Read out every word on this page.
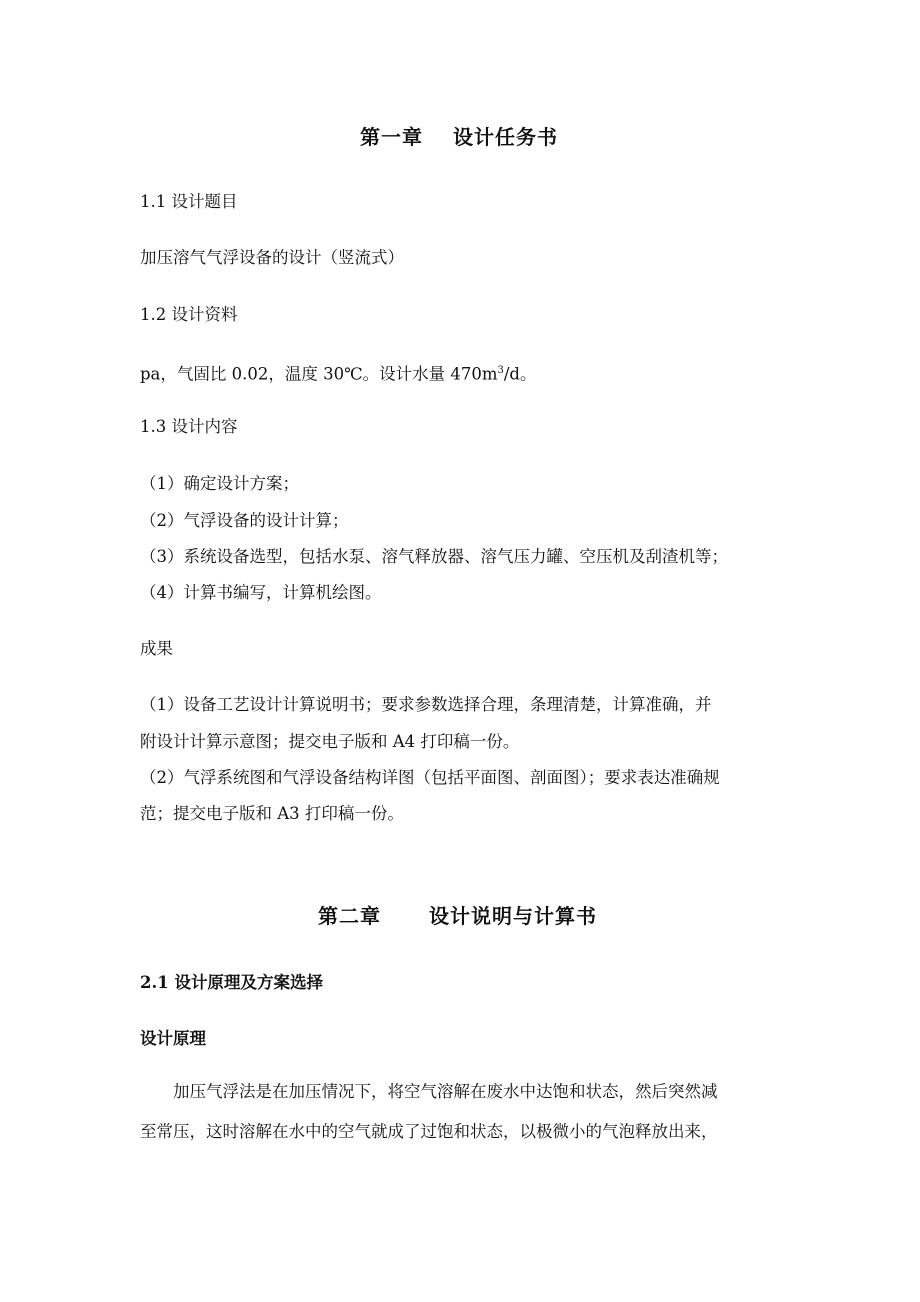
第一章 设计任务书
1.1 设计题目
加压溶气气浮设备的设计（竖流式）
1.2 设计资料
pa，气固比 0.02，温度 30℃。设计水量 $470m^3/d$。
1.3 设计内容
（1）确定设计方案；
（2）气浮设备的设计计算；
（3）系统设备选型，包括水泵、溶气释放器、溶气压力罐、空压机及刮渣机等；
（4）计算书编写，计算机绘图。
成果
（1）设备工艺设计计算说明书；要求参数选择合理，条理清楚，计算准确，并
附设计计算示意图；提交电子版和 A4 打印稿一份。
（2）气浮系统图和气浮设备结构详图（包括平面图、剖面图）；要求表达准确规
范；提交电子版和 A3 打印稿一份。
第二章 设计说明与计算书
2.1 设计原理及方案选择
设计原理
加压气浮法是在加压情况下，将空气溶解在废水中达饱和状态，然后突然减
至常压，这时溶解在水中的空气就成了过饱和状态，以极微小的气泡释放出来，
